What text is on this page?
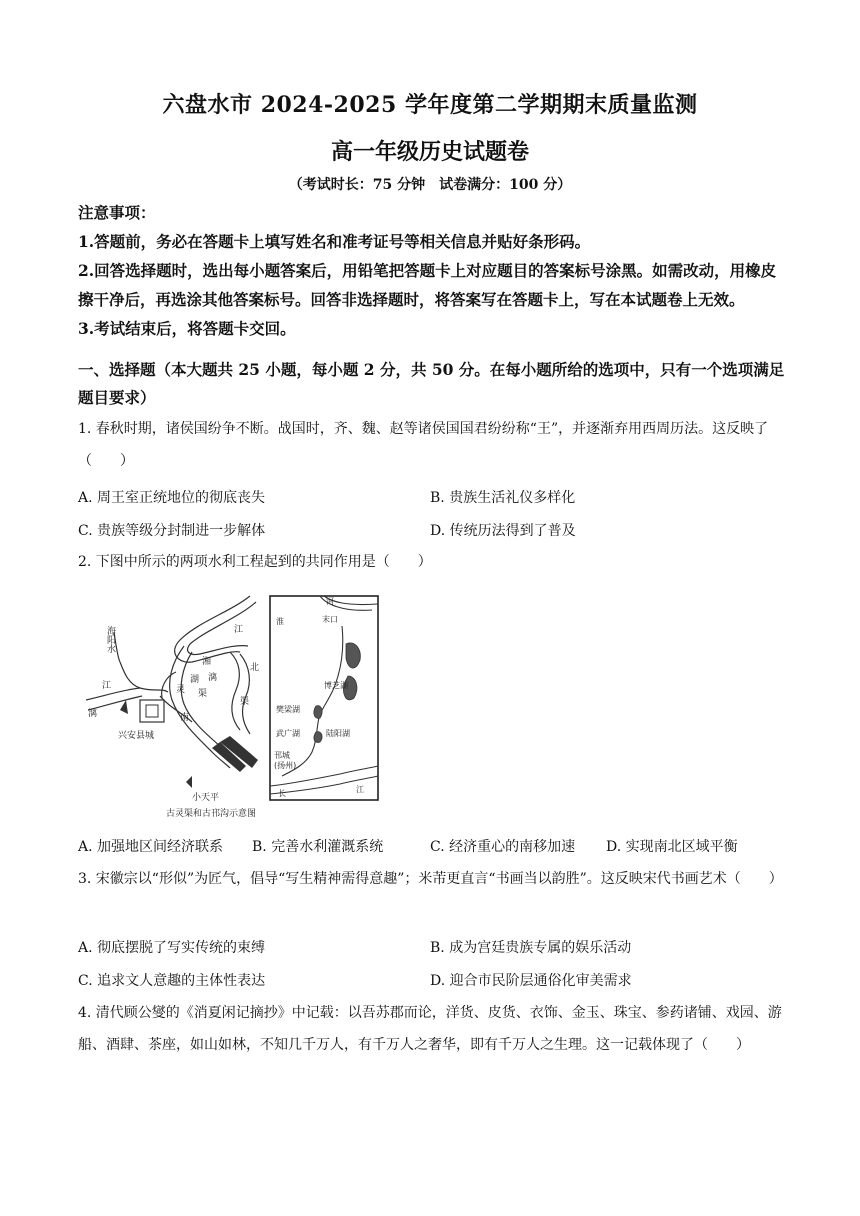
六盘水市 2024-2025 学年度第二学期期末质量监测
高一年级历史试题卷
（考试时长：75 分钟　试卷满分：100 分）

注意事项：

1.答题前，务必在答题卡上填写姓名和准考证号等相关信息并贴好条形码。

2.回答选择题时，选出每小题答案后，用铅笔把答题卡上对应题目的答案标号涂黑。如需改动，用橡皮擦干净后，再选涂其他答案标号。回答非选择题时，将答案写在答题卡上，写在本试题卷上无效。

3.考试结束后，将答题卡交回。

一、选择题（本大题共 25 小题，每小题 2 分，共 50 分。在每小题所给的选项中，只有一个选项满足题目要求）
1. 春秋时期，诸侯国纷争不断。战国时，齐、魏、赵等诸侯国国君纷纷称“王”，并逐渐弃用西周历法。这反映了（　　）
A. 周王室正统地位的彻底丧失	B. 贵族生活礼仪多样化
C. 贵族等级分封制进一步解体	D. 传统历法得到了普及
2. 下图中所示的两项水利工程起到的共同作用是（　　）
海阳水
湘
江
漓
灵 渠
北
南
兴安县城
小天平
江
漓
湖
渠
河
末口
淮
博芝湖
樊梁湖
武广湖	陆阳湖
邗城
(扬州)
长	江
古灵渠和古邗沟示意图
A. 加强地区间经济联系 B. 完善水利灌溉系统	C. 经济重心的南移加速 D. 实现南北区域平衡
3. 宋徽宗以“形似”为匠气，倡导“写生精神需得意趣”；米芾更直言“书画当以韵胜”。这反映宋代书画艺术（　　）
A. 彻底摆脱了写实传统的束缚	B. 成为宫廷贵族专属的娱乐活动
C. 追求文人意趣的主体性表达	D. 迎合市民阶层通俗化审美需求
4. 清代顾公燮的《消夏闲记摘抄》中记载：以吾苏郡而论，洋货、皮货、衣饰、金玉、珠宝、参药诸铺、戏园、游船、酒肆、茶座，如山如林，不知几千万人，有千万人之奢华，即有千万人之生理。这一记载体现了（　　）
